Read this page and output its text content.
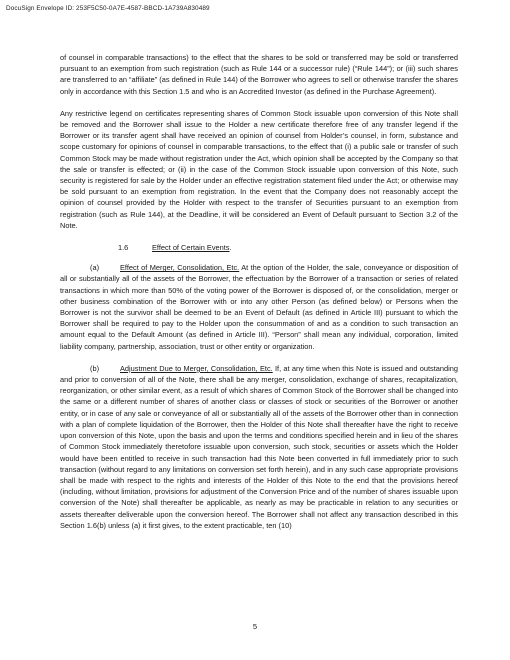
DocuSign Envelope ID: 253F5C50-0A7E-4587-BBCD-1A739A830489

of counsel in comparable transactions) to the effect that the shares to be sold or transferred may be sold or transferred pursuant to an exemption from such registration (such as Rule 144 or a successor rule) (“Rule 144”); or (iii) such shares are transferred to an “affiliate” (as defined in Rule 144) of the Borrower who agrees to sell or otherwise transfer the shares only in accordance with this Section 1.5 and who is an Accredited Investor (as defined in the Purchase Agreement).

Any restrictive legend on certificates representing shares of Common Stock issuable upon conversion of this Note shall be removed and the Borrower shall issue to the Holder a new certificate therefore free of any transfer legend if the Borrower or its transfer agent shall have received an opinion of counsel from Holder’s counsel, in form, substance and scope customary for opinions of counsel in comparable transactions, to the effect that (i) a public sale or transfer of such Common Stock may be made without registration under the Act, which opinion shall be accepted by the Company so that the sale or transfer is effected; or (ii) in the case of the Common Stock issuable upon conversion of this Note, such security is registered for sale by the Holder under an effective registration statement filed under the Act; or otherwise may be sold pursuant to an exemption from registration. In the event that the Company does not reasonably accept the opinion of counsel provided by the Holder with respect to the transfer of Securities pursuant to an exemption from registration (such as Rule 144), at the Deadline, it will be considered an Event of Default pursuant to Section 3.2 of the Note.

1.6	Effect of Certain Events.

(a)	Effect of Merger, Consolidation, Etc. At the option of the Holder, the sale, conveyance or disposition of all or substantially all of the assets of the Borrower, the effectuation by the Borrower of a transaction or series of related transactions in which more than 50% of the voting power of the Borrower is disposed of, or the consolidation, merger or other business combination of the Borrower with or into any other Person (as defined below) or Persons when the Borrower is not the survivor shall be deemed to be an Event of Default (as defined in Article III) pursuant to which the Borrower shall be required to pay to the Holder upon the consummation of and as a condition to such transaction an amount equal to the Default Amount (as defined in Article III). “Person” shall mean any individual, corporation, limited liability company, partnership, association, trust or other entity or organization.

(b)	Adjustment Due to Merger, Consolidation, Etc. If, at any time when this Note is issued and outstanding and prior to conversion of all of the Note, there shall be any merger, consolidation, exchange of shares, recapitalization, reorganization, or other similar event, as a result of which shares of Common Stock of the Borrower shall be changed into the same or a different number of shares of another class or classes of stock or securities of the Borrower or another entity, or in case of any sale or conveyance of all or substantially all of the assets of the Borrower other than in connection with a plan of complete liquidation of the Borrower, then the Holder of this Note shall thereafter have the right to receive upon conversion of this Note, upon the basis and upon the terms and conditions specified herein and in lieu of the shares of Common Stock immediately theretofore issuable upon conversion, such stock, securities or assets which the Holder would have been entitled to receive in such transaction had this Note been converted in full immediately prior to such transaction (without regard to any limitations on conversion set forth herein), and in any such case appropriate provisions shall be made with respect to the rights and interests of the Holder of this Note to the end that the provisions hereof (including, without limitation, provisions for adjustment of the Conversion Price and of the number of shares issuable upon conversion of the Note) shall thereafter be applicable, as nearly as may be practicable in relation to any securities or assets thereafter deliverable upon the conversion hereof. The Borrower shall not affect any transaction described in this Section 1.6(b) unless (a) it first gives, to the extent practicable, ten (10)

5
